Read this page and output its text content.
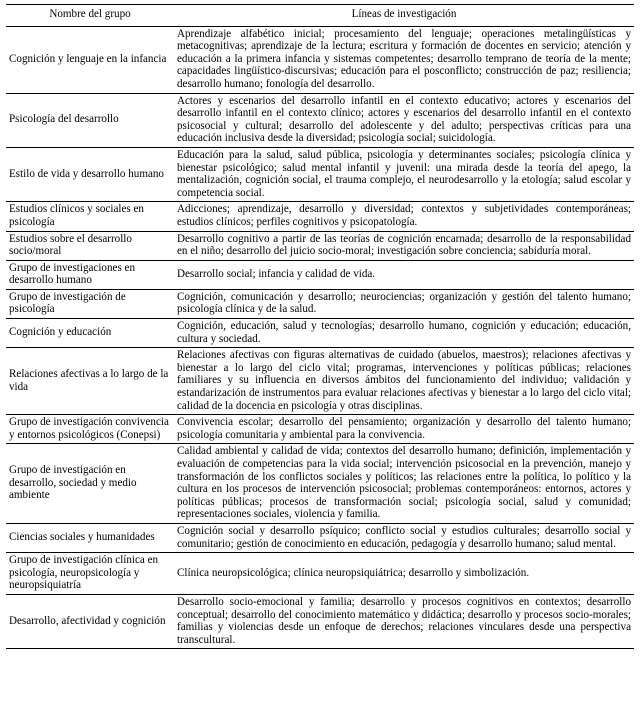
Nombre del grupo	Líneas de investigación
Cognición y lenguaje en la infancia	Aprendizaje alfabético inicial; procesamiento del lenguaje; operaciones metalingüísticas y metacognitivas; aprendizaje de la lectura; escritura y formación de docentes en servicio; atención y educación a la primera infancia y sistemas competentes; desarrollo temprano de teoría de la mente; capacidades lingüístico-discursivas; educación para el posconflicto; construcción de paz; resiliencia; desarrollo humano; fonología del desarrollo.
Psicología del desarrollo	Actores y escenarios del desarrollo infantil en el contexto educativo; actores y escenarios del desarrollo infantil en el contexto clínico; actores y escenarios del desarrollo infantil en el contexto psicosocial y cultural; desarrollo del adolescente y del adulto; perspectivas críticas para una educación inclusiva desde la diversidad; psicología social; suicidología.
Estilo de vida y desarrollo humano	Educación para la salud, salud pública, psicología y determinantes sociales; psicología clínica y bienestar psicológico; salud mental infantil y juvenil: una mirada desde la teoría del apego, la mentalización, cognición social, el trauma complejo, el neurodesarrollo y la etología; salud escolar y competencia social.
Estudios clínicos y sociales en psicología	Adicciones; aprendizaje, desarrollo y diversidad; contextos y subjetividades contemporáneas; estudios clínicos; perfiles cognitivos y psicopatología.
Estudios sobre el desarrollo socio/moral	Desarrollo cognitivo a partir de las teorías de cognición encarnada; desarrollo de la responsabilidad en el niño; desarrollo del juicio socio-moral; investigación sobre conciencia; sabiduría moral.
Grupo de investigaciones en desarrollo humano	Desarrollo social; infancia y calidad de vida.
Grupo de investigación de psicología	Cognición, comunicación y desarrollo; neurociencias; organización y gestión del talento humano; psicología clínica y de la salud.
Cognición y educación	Cognición, educación, salud y tecnologías; desarrollo humano, cognición y educación; educación, cultura y sociedad.
Relaciones afectivas a lo largo de la vida	Relaciones afectivas con figuras alternativas de cuidado (abuelos, maestros); relaciones afectivas y bienestar a lo largo del ciclo vital; programas, intervenciones y políticas públicas; relaciones familiares y su influencia en diversos ámbitos del funcionamiento del individuo; validación y estandarización de instrumentos para evaluar relaciones afectivas y bienestar a lo largo del ciclo vital; calidad de la docencia en psicología y otras disciplinas.
Grupo de investigación convivencia y entornos psicológicos (Conepsi)	Convivencia escolar; desarrollo del pensamiento; organización y desarrollo del talento humano; psicología comunitaria y ambiental para la convivencia.
Grupo de investigación en desarrollo, sociedad y medio ambiente	Calidad ambiental y calidad de vida; contextos del desarrollo humano; definición, implementación y evaluación de competencias para la vida social; intervención psicosocial en la prevención, manejo y transformación de los conflictos sociales y políticos; las relaciones entre la política, lo político y la cultura en los procesos de intervención psicosocial; problemas contemporáneos: entornos, actores y políticas públicas; procesos de transformación social; psicología social, salud y comunidad; representaciones sociales, violencia y familia.
Ciencias sociales y humanidades	Cognición social y desarrollo psíquico; conflicto social y estudios culturales; desarrollo social y comunitario; gestión de conocimiento en educación, pedagogía y desarrollo humano; salud mental.
Grupo de investigación clínica en psicología, neuropsicología y neuropsiquiatría	Clínica neuropsicológica; clínica neuropsiquiátrica; desarrollo y simbolización.
Desarrollo, afectividad y cognición	Desarrollo socio-emocional y familia; desarrollo y procesos cognitivos en contextos; desarrollo conceptual; desarrollo del conocimiento matemático y didáctica; desarrollo y procesos socio-morales; familias y violencias desde un enfoque de derechos; relaciones vinculares desde una perspectiva transcultural.
